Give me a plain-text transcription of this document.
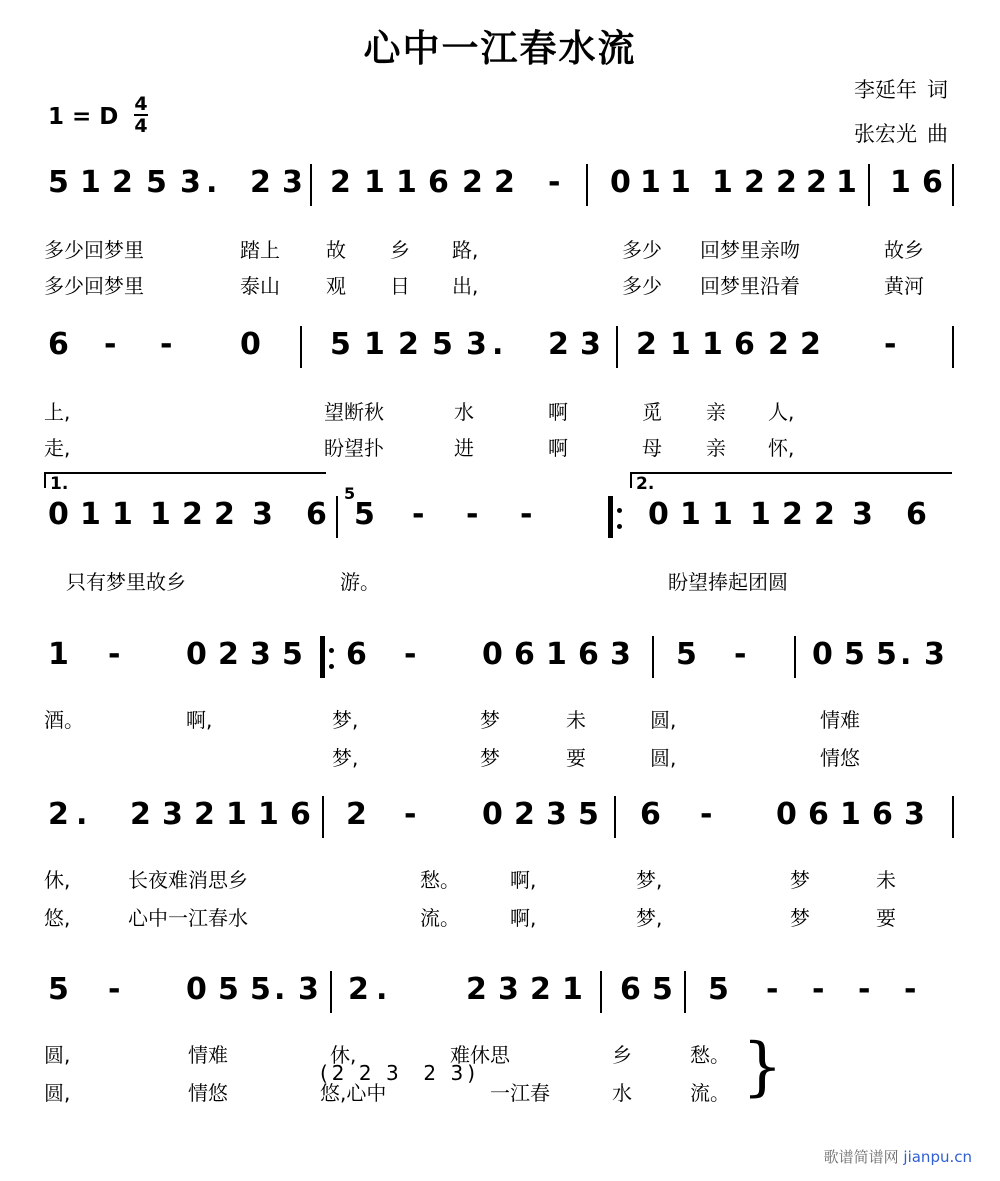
心中一江春水流
李延年 词
张宏光 曲
1 = D $\frac{4}{4}$
5 1 2 5 3 . 2 3 2 1 1 6 2 2 - 0 1 1 1 2 2 2 1 1 6
多少回梦里	踏上 故 乡 路,	多少 回梦里亲吻	故乡
多少回梦里	泰山 观 日 出,	多少 回梦里沿着	黄河
6 - - 0 5 1 2 5 3 . 2 3 2 1 1 6 2 2 -
上,	望断秋	水	啊	觅 亲 人,
走,	盼望扑	进	啊	母 亲 怀,
0 1 1 1 2 2 3 6 5 - - -	0 1 1 1 2 2 3 6
5
1.	2.
只有梦里故乡	游。	盼望捧起团圆
1 - 0 2 3 5 6 - 0 6 1 6 3 5 - 0 5 5 . 3
酒。	啊,	梦,	梦	未	圆,	情难
梦,	梦	要	圆,	情悠
2 . 2 3 2 1 1 6 2 - 0 2 3 5 6 - 0 6 1 6 3
休,	长夜难消思乡	愁。	啊,	梦,	梦	未
悠,	心中一江春水	流。	啊,	梦,	梦	要
5 - 0 5 5 . 3 2 .	2 3 2 1 6 5 5 - - - -
圆,	情难	休,	难休思	乡	愁。
圆,	情悠	悠,心中	一江春	水	流。
(2 2 3  2 3)
歌谱简谱网 jianpu.cn
}
